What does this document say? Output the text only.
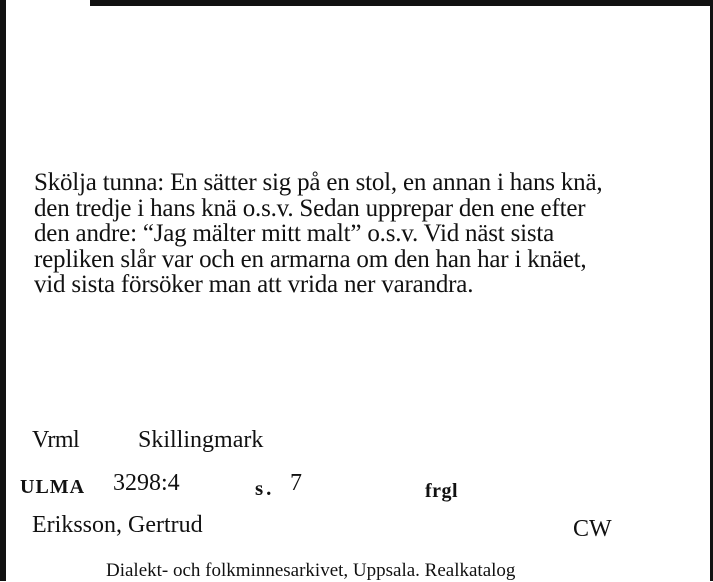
Skölja tunna: En sätter sig på en stol, en annan i hans knä,
den tredje i hans knä o.s.v. Sedan upprepar den ene efter
den andre: “Jag mälter mitt malt” o.s.v. Vid näst sista
repliken slår var och en armarna om den han har i knäet,
vid sista försöker man att vrida ner varandra.
Vrml Skillingmark
ULMA 3298:4	s. 7	frgl
Eriksson, Gertrud	CW
Dialekt- och folkminnesarkivet, Uppsala. Realkatalog
